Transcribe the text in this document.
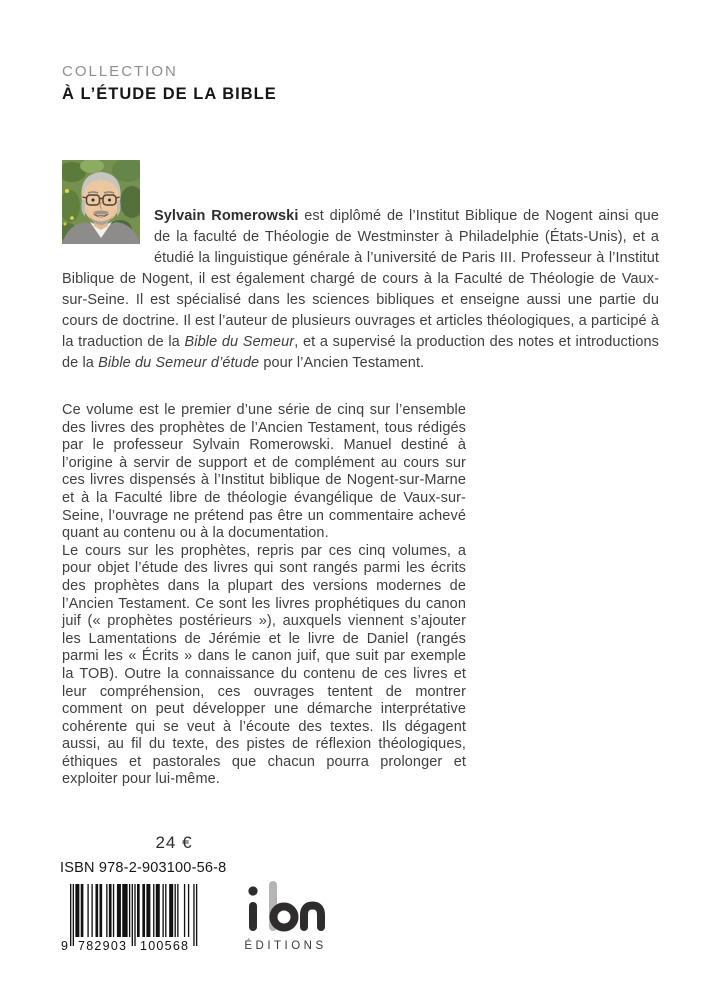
COLLECTION
À L’ÉTUDE DE LA BIBLE

Sylvain Romerowski est diplômé de l’Institut Biblique de Nogent ainsi que de la faculté de Théologie de Westminster à Philadelphie (États-Unis), et a étudié la linguistique générale à l’université de Paris III. Professeur à l’Institut Biblique de Nogent, il est également chargé de cours à la Faculté de Théologie de Vaux-sur-Seine. Il est spécialisé dans les sciences bibliques et enseigne aussi une partie du cours de doctrine. Il est l’auteur de plusieurs ouvrages et articles théologiques, a participé à la traduction de la Bible du Semeur, et a supervisé la production des notes et introductions de la Bible du Semeur d’étude pour l’Ancien Testament.

Ce volume est le premier d’une série de cinq sur l’ensemble des livres des prophètes de l’Ancien Testament, tous rédigés par le professeur Sylvain Romerowski. Manuel destiné à l’origine à servir de support et de complément au cours sur ces livres dispensés à l’Institut biblique de Nogent-sur-Marne et à la Faculté libre de théologie évangélique de Vaux-sur-Seine, l’ouvrage ne prétend pas être un commentaire achevé quant au contenu ou à la documentation.

Le cours sur les prophètes, repris par ces cinq volumes, a pour objet l’étude des livres qui sont rangés parmi les écrits des prophètes dans la plupart des versions modernes de l’Ancien Testament. Ce sont les livres prophétiques du canon juif (« prophètes postérieurs »), auxquels viennent s’ajouter les Lamentations de Jérémie et le livre de Daniel (rangés parmi les « Écrits » dans le canon juif, que suit par exemple la TOB). Outre la connaissance du contenu de ces livres et leur compréhension, ces ouvrages tentent de montrer comment on peut développer une démarche interprétative cohérente qui se veut à l’écoute des textes. Ils dégagent aussi, au fil du texte, des pistes de réflexion théologiques, éthiques et pastorales que chacun pourra prolonger et exploiter pour lui-même.

24 €
ISBN 978-2-903100-56-8
9 782903 100568	ÉDITIONS
